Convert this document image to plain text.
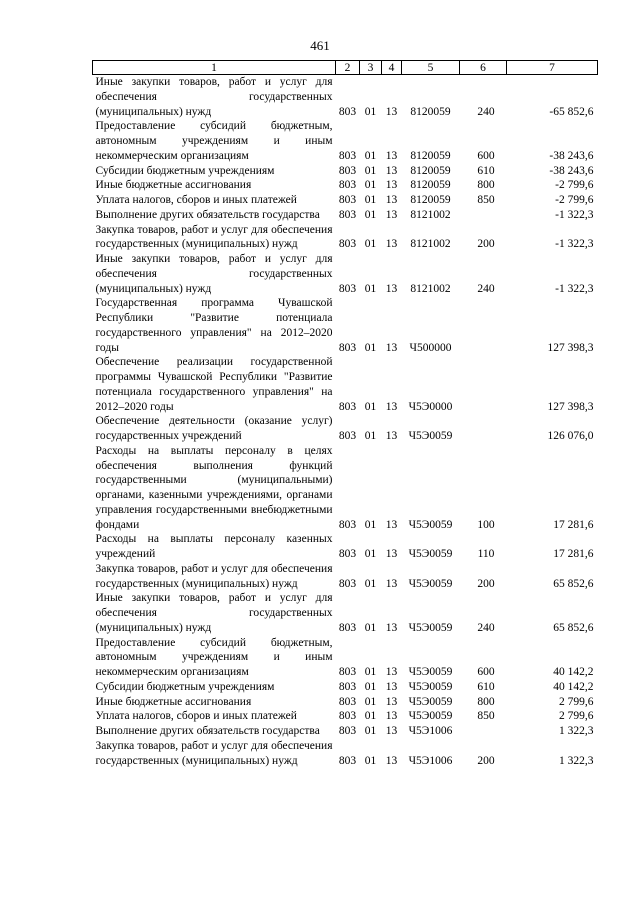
461
1	2	3	4	5	6	7
Иные закупки товаров, работ и услуг для обеспечения государственных (муниципальных) нужд	803	01	13	8120059	240	-65 852,6
Предоставление субсидий бюджетным, автономным учреждениям и иным некоммерческим организациям	803	01	13	8120059	600	-38 243,6
Субсидии бюджетным учреждениям	803	01	13	8120059	610	-38 243,6
Иные бюджетные ассигнования	803	01	13	8120059	800	-2 799,6
Уплата налогов, сборов и иных платежей	803	01	13	8120059	850	-2 799,6
Выполнение других обязательств государства	803	01	13	8121002		-1 322,3
Закупка товаров, работ и услуг для обеспечения государственных (муниципальных) нужд	803	01	13	8121002	200	-1 322,3
Иные закупки товаров, работ и услуг для обеспечения государственных (муниципальных) нужд	803	01	13	8121002	240	-1 322,3
Государственная программа Чувашской Республики "Развитие потенциала государственного управления" на 2012–2020 годы	803	01	13	Ч500000		127 398,3
Обеспечение реализации государственной программы Чувашской Республики "Развитие потенциала государственного управления" на 2012–2020 годы	803	01	13	Ч5Э0000		127 398,3
Обеспечение деятельности (оказание услуг) государственных учреждений	803	01	13	Ч5Э0059		126 076,0
Расходы на выплаты персоналу в целях обеспечения выполнения функций государственными (муниципальными) органами, казенными учреждениями, органами управления государственными внебюджетными фондами	803	01	13	Ч5Э0059	100	17 281,6
Расходы на выплаты персоналу казенных учреждений	803	01	13	Ч5Э0059	110	17 281,6
Закупка товаров, работ и услуг для обеспечения государственных (муниципальных) нужд	803	01	13	Ч5Э0059	200	65 852,6
Иные закупки товаров, работ и услуг для обеспечения государственных (муниципальных) нужд	803	01	13	Ч5Э0059	240	65 852,6
Предоставление субсидий бюджетным, автономным учреждениям и иным некоммерческим организациям	803	01	13	Ч5Э0059	600	40 142,2
Субсидии бюджетным учреждениям	803	01	13	Ч5Э0059	610	40 142,2
Иные бюджетные ассигнования	803	01	13	Ч5Э0059	800	2 799,6
Уплата налогов, сборов и иных платежей	803	01	13	Ч5Э0059	850	2 799,6
Выполнение других обязательств государства	803	01	13	Ч5Э1006		1 322,3
Закупка товаров, работ и услуг для обеспечения государственных (муниципальных) нужд	803	01	13	Ч5Э1006	200	1 322,3
